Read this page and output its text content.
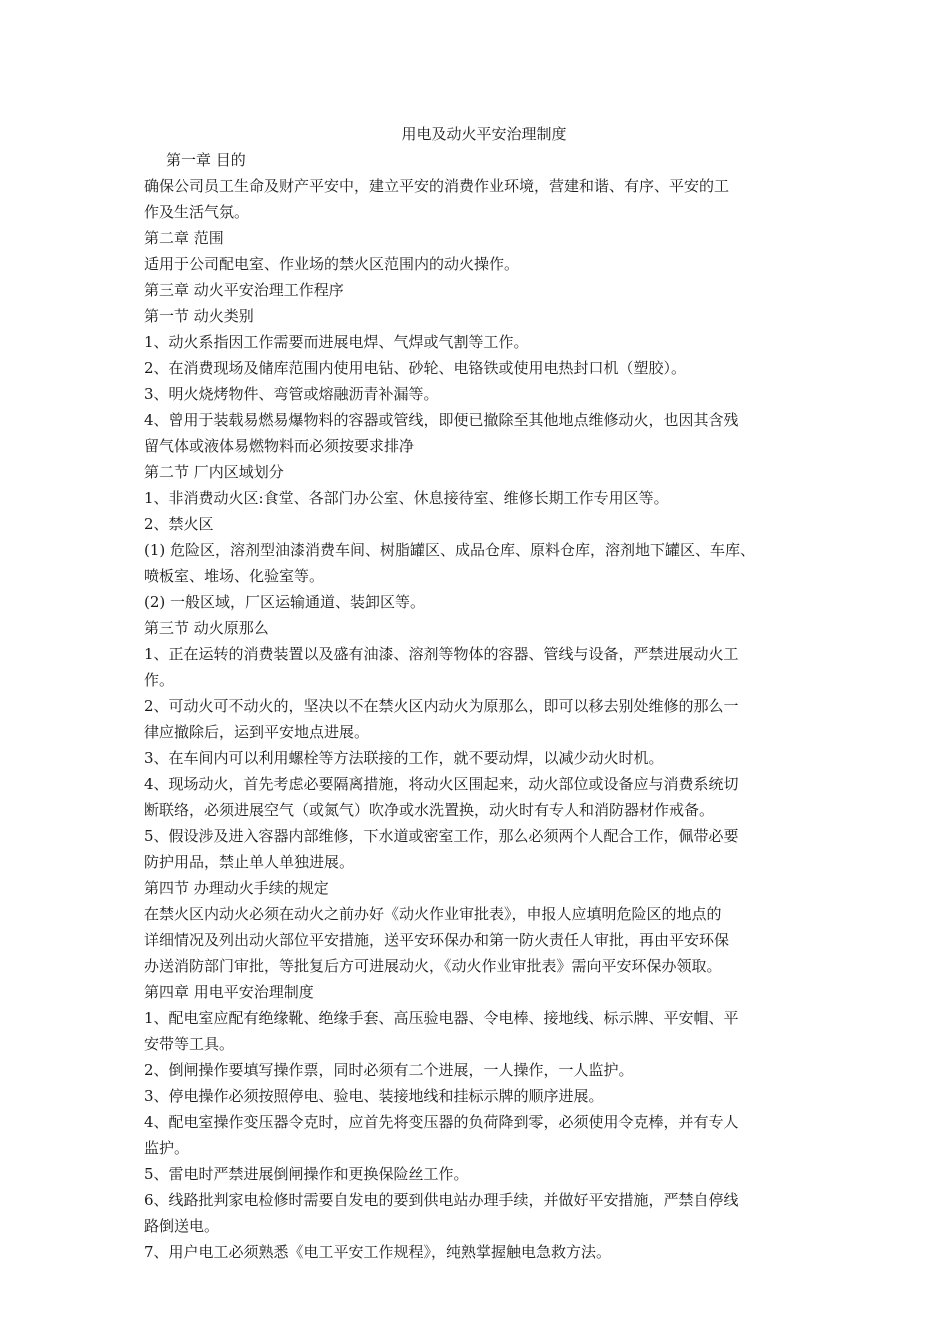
用电及动火平安治理制度

第一章 目的

确保公司员工生命及财产平安中，建立平安的消费作业环境，营建和谐、有序、平安的工

作及生活气氛。

第二章 范围

适用于公司配电室、作业场的禁火区范围内的动火操作。

第三章 动火平安治理工作程序

第一节 动火类别

1、动火系指因工作需要而进展电焊、气焊或气割等工作。

2、在消费现场及储库范围内使用电钻、砂轮、电铬铁或使用电热封口机（塑胶）。

3、明火烧烤物件、弯管或熔融沥青补漏等。

4、曾用于装载易燃易爆物料的容器或管线，即便已撤除至其他地点维修动火，也因其含残

留气体或液体易燃物料而必须按要求排净

第二节 厂内区域划分

1、非消费动火区:食堂、各部门办公室、休息接待室、维修长期工作专用区等。

2、禁火区

(1) 危险区，溶剂型油漆消费车间、树脂罐区、成品仓库、原料仓库，溶剂地下罐区、车库、

喷板室、堆场、化验室等。

(2) 一般区域，厂区运输通道、装卸区等。

第三节 动火原那么

1、正在运转的消费装置以及盛有油漆、溶剂等物体的容器、管线与设备，严禁进展动火工

作。

2、可动火可不动火的，坚决以不在禁火区内动火为原那么，即可以移去别处维修的那么一

律应撤除后，运到平安地点进展。

3、在车间内可以利用螺栓等方法联接的工作，就不要动焊，以减少动火时机。

4、现场动火，首先考虑必要隔离措施，将动火区围起来，动火部位或设备应与消费系统切

断联络，必须进展空气（或氮气）吹净或水洗置换，动火时有专人和消防器材作戒备。

5、假设涉及进入容器内部维修，下水道或密室工作，那么必须两个人配合工作，佩带必要

防护用品，禁止单人单独进展。

第四节 办理动火手续的规定

在禁火区内动火必须在动火之前办好《动火作业审批表》，申报人应填明危险区的地点的

详细情况及列出动火部位平安措施，送平安环保办和第一防火责任人审批，再由平安环保

办送消防部门审批，等批复后方可进展动火，《动火作业审批表》需向平安环保办领取。

第四章 用电平安治理制度

1、配电室应配有绝缘靴、绝缘手套、高压验电器、令电棒、接地线、标示牌、平安帽、平

安带等工具。

2、倒闸操作要填写操作票，同时必须有二个进展，一人操作，一人监护。

3、停电操作必须按照停电、验电、装接地线和挂标示牌的顺序进展。

4、配电室操作变压器令克时，应首先将变压器的负荷降到零，必须使用令克棒，并有专人

监护。

5、雷电时严禁进展倒闸操作和更换保险丝工作。

6、线路批判家电检修时需要自发电的要到供电站办理手续，并做好平安措施，严禁自停线

路倒送电。

7、用户电工必须熟悉《电工平安工作规程》，纯熟掌握触电急救方法。
